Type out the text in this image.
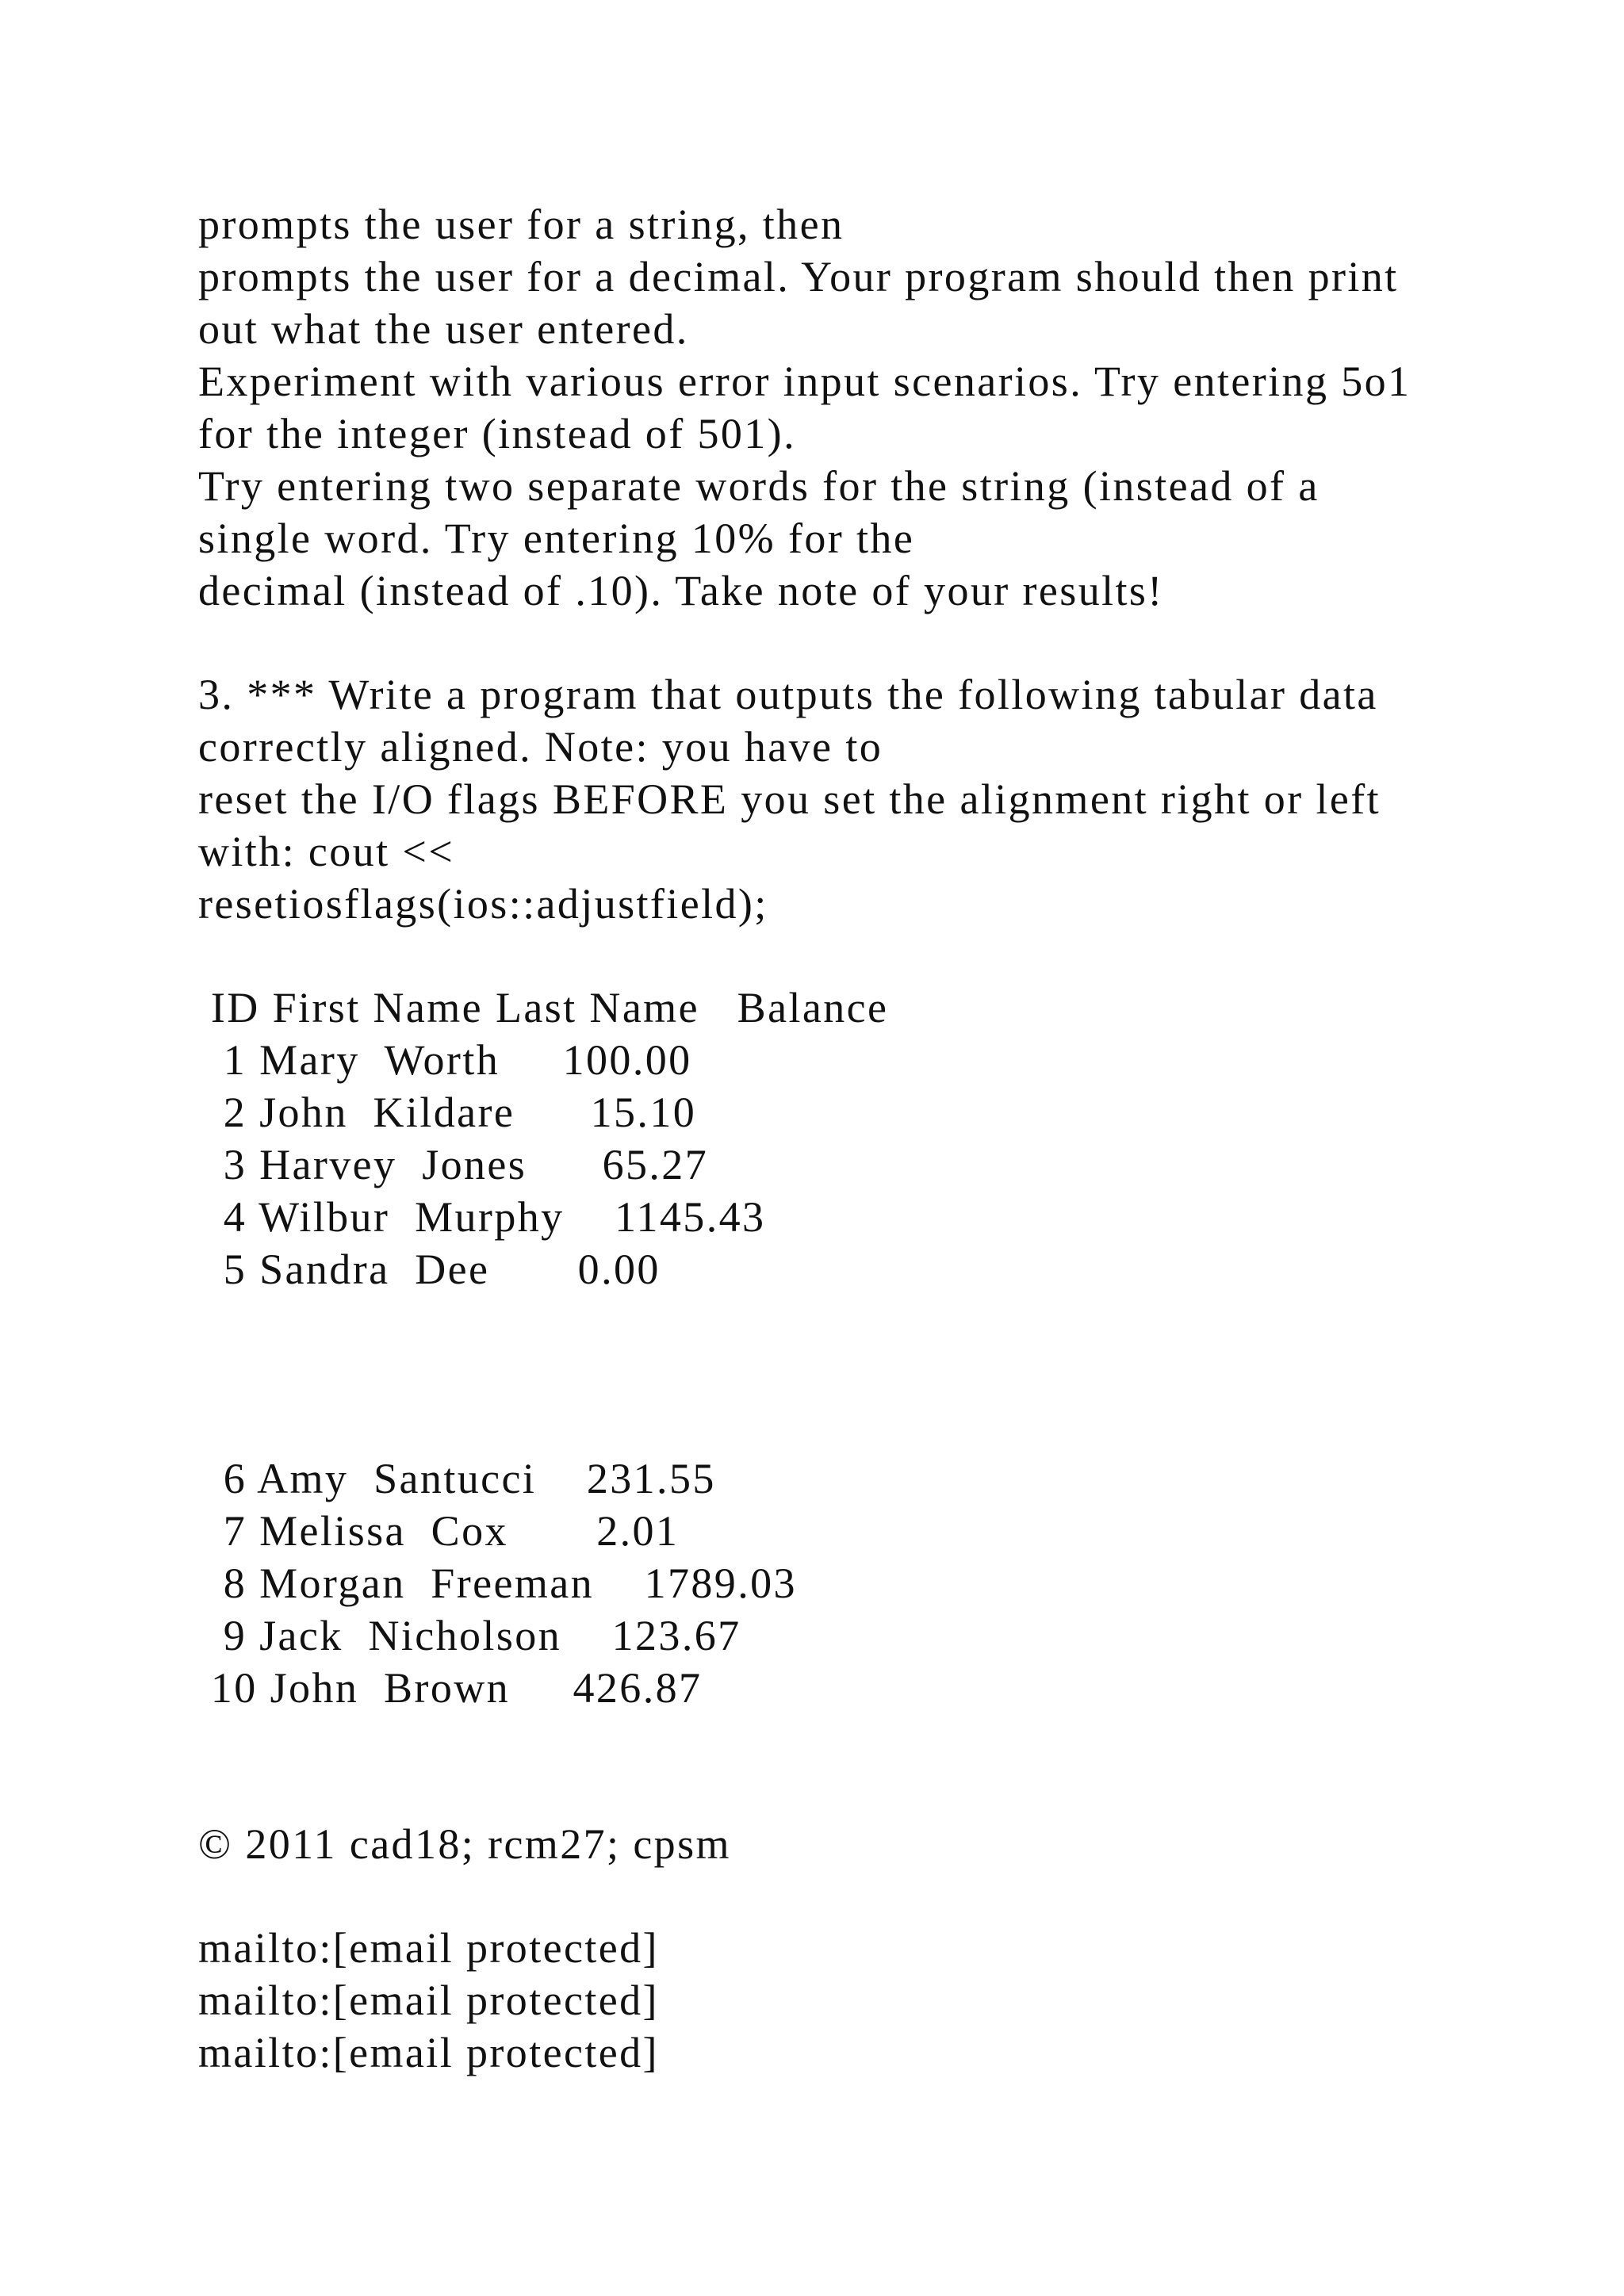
prompts the user for a string, then
prompts the user for a decimal. Your program should then print
out what the user entered.
Experiment with various error input scenarios. Try entering 5o1
for the integer (instead of 501).
Try entering two separate words for the string (instead of a
single word. Try entering 10% for the
decimal (instead of .10). Take note of your results!
3. *** Write a program that outputs the following tabular data
correctly aligned. Note: you have to
reset the I/O flags BEFORE you set the alignment right or left
with: cout <<
resetiosflags(ios::adjustfield);
ID First Name Last Name   Balance
1 Mary  Worth     100.00
2 John  Kildare      15.10
3 Harvey  Jones      65.27
4 Wilbur  Murphy    1145.43
5 Sandra  Dee       0.00
6 Amy  Santucci    231.55
7 Melissa  Cox       2.01
8 Morgan  Freeman    1789.03
9 Jack  Nicholson    123.67
10 John  Brown     426.87
© 2011 cad18; rcm27; cpsm
mailto:[email protected]
mailto:[email protected]
mailto:[email protected]
